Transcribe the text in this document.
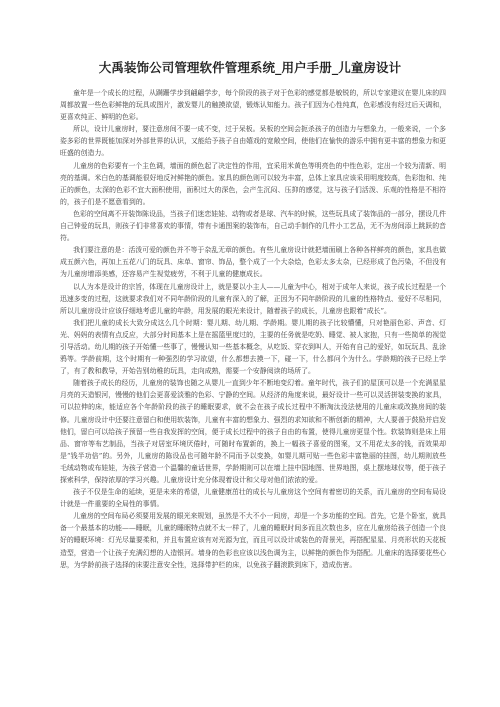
大禹装饰公司管理软件管理系统_用户手册_儿童房设计

童年是一个成长的过程，从蹒跚学步到翩翩学步，每个阶段的孩子对于色彩的感觉都是敏锐的，所以专家建议在婴儿床的四周都放置一些色彩鲜艳的玩具或图片，激发婴儿的触摸欲望，锻炼认知能力。孩子们因为心性纯真，色彩感没有经过后天调和，更喜欢纯正、鲜明的色彩。

所以，设计儿童房时，要注意房间不要一成不变，过于呆板。呆板的空间会扼杀孩子的创造力与想象力，一般来说，一个多姿多彩的世界既能加深对外部世界的认识，又能给予孩子自由嬉戏的宽敞空间，使他们在愉快的游乐中拥有更丰富的想象力和更旺盛的创造力。

儿童房的色彩要有一个主色调，墙面的颜色起了决定性的作用，宜采用米黄色等明亮色的中性色彩，定出一个较为清新、明亮的基调。米白色的基调能很好地反衬鲜艳的颜色。家具的颜色则可以较为丰富，总体上家具应该采用明度较高，色彩饱和、纯正的颜色，太深的色彩不宜大面积使用，面积过大的深色，会产生沉闷、压抑的感觉，这与孩子们活泼、乐观的性格是不相符的，孩子们是不愿意看到的。

色彩的空间离不开装饰陈设品，当孩子们迷恋娃娃、动物或者是球、汽车的时候，这些玩具成了装饰品的一部分，摆设几件自己钟爱的玩具，则孩子们非常喜欢的事情，带有卡通图案的装饰布，自己动手制作的几件小工艺品，无不为房间添上跳跃的音符。

我们要注意的是：活泼可爱的颜色并不等于杂乱无章的颜色。有些儿童房设计就把墙面刷上各种各样鲜亮的颜色，家具也做成五颜六色，再加上五花八门的玩具、床单、窗帘、饰品，整个成了一个大杂烩，色彩太多太杂，已经形成了色污染，不但没有为儿童房增添美感，还容易产生视觉疲劳，不利于儿童的健康成长。

以人为本是设计的宗旨，体现在儿童房设计上，就是要以小主人——儿童为中心，相对于成年人来说，孩子成长过程是一个迅速多变的过程，这就要求我们对不同年龄阶段的儿童有深入的了解，正因为不同年龄阶段的儿童的性格特点、爱好不尽相同，所以儿童房设计应该仔细地考虑儿童的年龄，用发展的眼光来设计，随着孩子的成长，儿童房也跟着“成长”。

我们把儿童的成长大致分成这么几个时期：婴儿期、幼儿期、学龄期。婴儿期的孩子比较懵懂，只对艳丽色彩、声音、灯光、妈妈的表情有点反应，大部分时间基本上是在摇篮里度过的，主要的任务就是吃奶、睡觉、被人家抱，只有一些简单的视觉引导活动。幼儿期的孩子开始懂一些事了，慢慢认知一些基本概念，从吃饭、穿衣到叫人，开始有自己的爱好，如玩玩具、乱涂鸦等。学龄前期，这个时期有一种强烈的学习欲望，什么都想去摸一下，碰一下，什么都问个为什么。学龄期的孩子已经上学了，有了教和教导，开始告别幼稚的玩具，走向成熟，需要一个安静阅读的场所了。

随着孩子成长的经历，儿童房的装饰也随之从婴儿一直到少年不断地变幻着。童年时代，孩子们的屋顶可以是一个充满星星月亮的天造银河，慢慢的他们会更喜爱淡雅的色彩、宁静的空间。从经济的角度来说，最好设计一些可以灵活拼装变换的家具，可以拉伸的床，能适应各个年龄阶段的孩子的睡眠要求，就不会在孩子成长过程中不断淘汰没法使用的儿童床或改换房间的装修。儿童房设计中还要注意留白和使用软装饰，儿童有丰富的想象力、强烈的求知欲和不断创新的精神，大人要善于鼓励并启发他们，留白可以给孩子预留一些自我发挥的空间，便于成长过程中的孩子自由的布置，使得儿童房更显个性。软装饰则是床上用品、窗帘等布艺制品，当孩子对居室环境厌倦时，可随时布置新的，换上一幅孩子喜爱的图案，又不用花太多的钱，而效果却是“钱半功倍”的。另外，儿童房的陈设品也可随年龄不同而予以变换，如婴儿期可贴一些色彩丰富艳丽的挂图，幼儿期则放些毛绒动物或布娃娃，为孩子营造一个温馨的童话世界，学龄期则可以在墙上挂中国地图、世界地图，桌上摆地球仪等，便于孩子探索科学，保持浓厚的学习兴趣。儿童房设计充分体现着设计和父母对他们浓浓的爱。

孩子不仅是生命的延续，更是未来的希望，儿童健康茁壮的成长与儿童房这个空间有着密切的关系，而儿童房的空间布局设计就是一件重要的全局性的事情。

儿童房的空间布局必须要用发展的眼光来规划，虽然是不大不小一间房，却是一个多功能的空间。首先，它是个卧室，就具备一个最基本的功能——睡眠，儿童的睡眠特点就不太一样了，儿童的睡眠时间多而且次数也多，应在儿童房给孩子创造一个良好的睡眠环境：灯光尽量要柔和，并且布置应该有对光源为宜，而且可以设计或装色的背景光，再搭配星星、月亮形状的天花板造型，营造一个让孩子充满幻想的人造银河。墙身的色彩也应该以浅色调为主，以鲜艳的颜色作为搭配。儿童床的选择要花些心思，为学龄前孩子选择的床要注意安全性，选择带护栏的床，以免孩子翻滚跌到床下，造成伤害。
